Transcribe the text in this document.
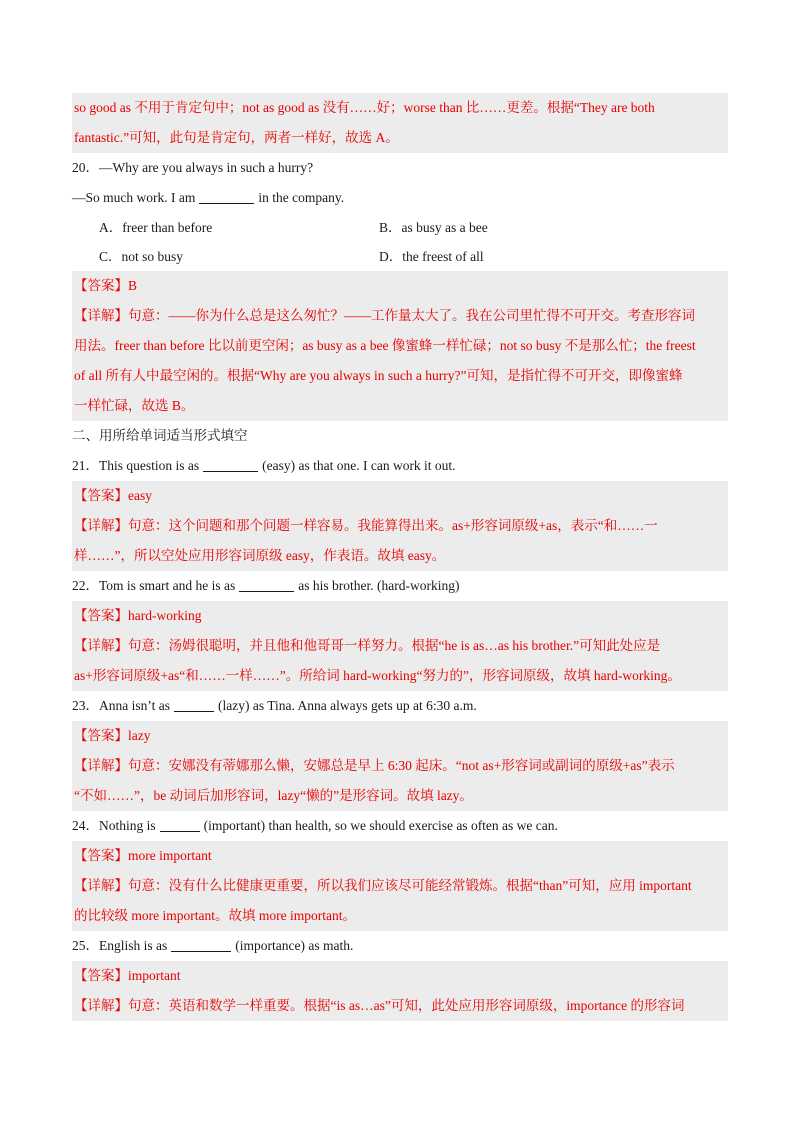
so good as 不用于肯定句中；not as good as 没有……好；worse than 比……更差。根据“They are both
fantastic.”可知，此句是肯定句，两者一样好，故选 A。
20．—Why are you always in such a hurry?
—So much work. I am	in the company.
A．freer than before	B．as busy as a bee
C．not so busy	D．the freest of all
【答案】B
【详解】句意：——你为什么总是这么匆忙？——工作量太大了。我在公司里忙得不可开交。考查形容词
用法。freer than before 比以前更空闲；as busy as a bee 像蜜蜂一样忙碌；not so busy 不是那么忙；the freest
of all 所有人中最空闲的。根据“Why are you always in such a hurry?”可知，是指忙得不可开交，即像蜜蜂
一样忙碌，故选 B。
二、用所给单词适当形式填空
21．This question is as	(easy) as that one. I can work it out.
【答案】easy
【详解】句意：这个问题和那个问题一样容易。我能算得出来。as+形容词原级+as，表示“和……一
样……”，所以空处应用形容词原级 easy，作表语。故填 easy。
22．Tom is smart and he is as	as his brother. (hard-working)
【答案】hard-working
【详解】句意：汤姆很聪明，并且他和他哥哥一样努力。根据“he is as…as his brother.”可知此处应是
as+形容词原级+as“和……一样……”。所给词 hard-working“努力的”，形容词原级，故填 hard-working。
23．Anna isn’t as	(lazy) as Tina. Anna always gets up at 6:30 a.m.
【答案】lazy
【详解】句意：安娜没有蒂娜那么懒，安娜总是早上 6:30 起床。“not as+形容词或副词的原级+as”表示
“不如……”，be 动词后加形容词，lazy“懒的”是形容词。故填 lazy。
24．Nothing is	(important) than health, so we should exercise as often as we can.
【答案】more important
【详解】句意：没有什么比健康更重要，所以我们应该尽可能经常锻炼。根据“than”可知，应用 important
的比较级 more important。故填 more important。
25．English is as	(importance) as math.
【答案】important
【详解】句意：英语和数学一样重要。根据“is as…as”可知，此处应用形容词原级，importance 的形容词
